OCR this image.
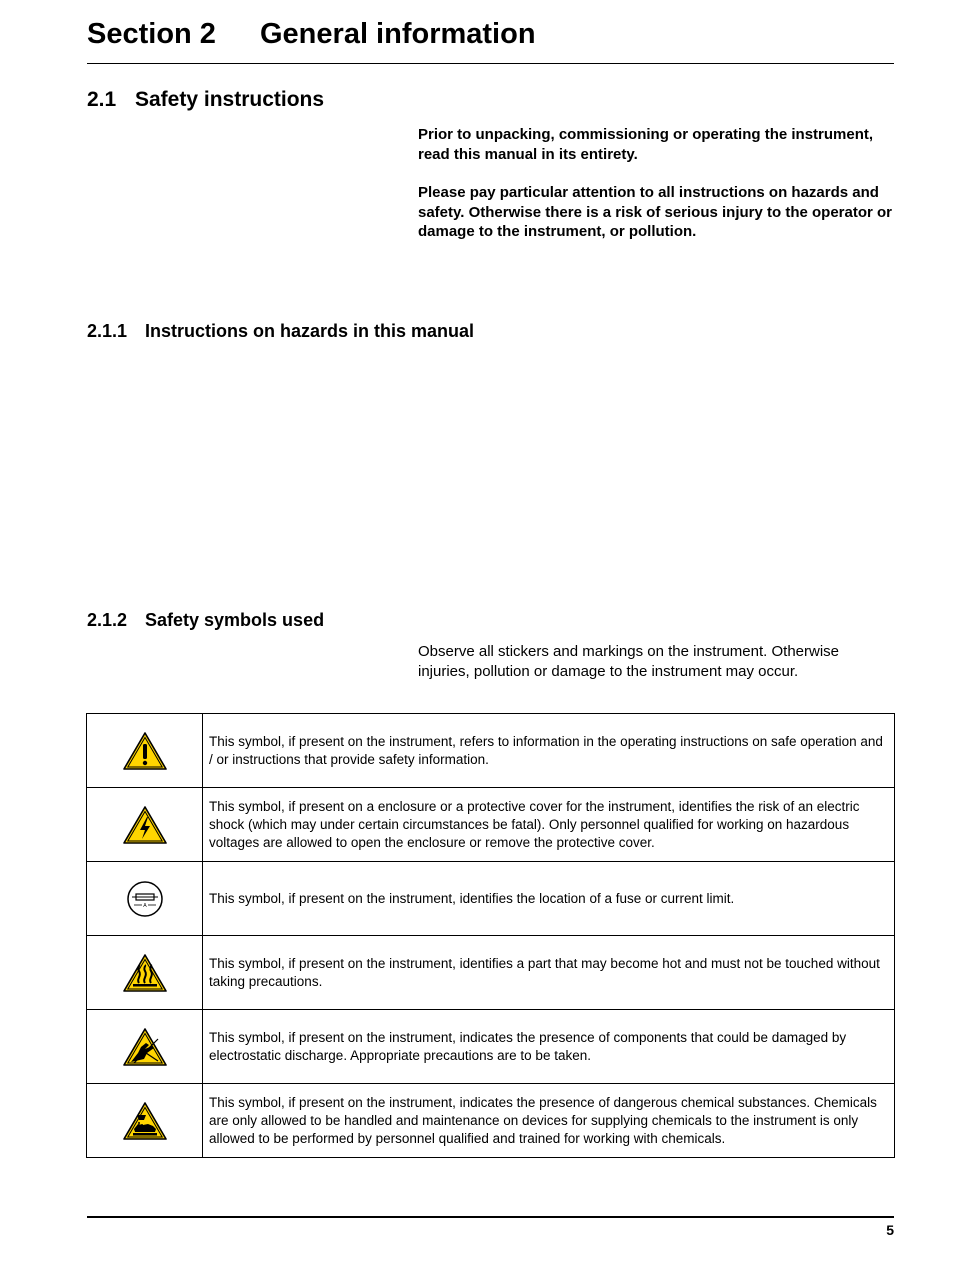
Section 2 General information
2.1 Safety instructions

Prior to unpacking, commissioning or operating the instrument, read this manual in its entirety.

Please pay particular attention to all instructions on hazards and safety. Otherwise there is a risk of serious injury to the operator or damage to the instrument, or pollution.

2.1.1 Instructions on hazards in this manual
2.1.2 Safety symbols used

Observe all stickers and markings on the instrument. Otherwise injuries, pollution or damage to the instrument may occur.

	This symbol, if present on the instrument, refers to information in the operating instructions on safe operation and / or instructions that provide safety information.

	This symbol, if present on a enclosure or a protective cover for the instrument, identifies the risk of an electric shock (which may under certain circumstances be fatal). Only personnel qualified for working on hazardous voltages are allowed to open the enclosure or remove the protective cover.

A	This symbol, if present on the instrument, identifies the location of a fuse or current limit.

	This symbol, if present on the instrument, identifies a part that may become hot and must not be touched without taking precautions.

	This symbol, if present on the instrument, indicates the presence of components that could be damaged by electrostatic discharge. Appropriate precautions are to be taken.

	This symbol, if present on the instrument, indicates the presence of dangerous chemical substances. Chemicals are only allowed to be handled and maintenance on devices for supplying chemicals to the instrument is only allowed to be performed by personnel qualified and trained for working with chemicals.
5
